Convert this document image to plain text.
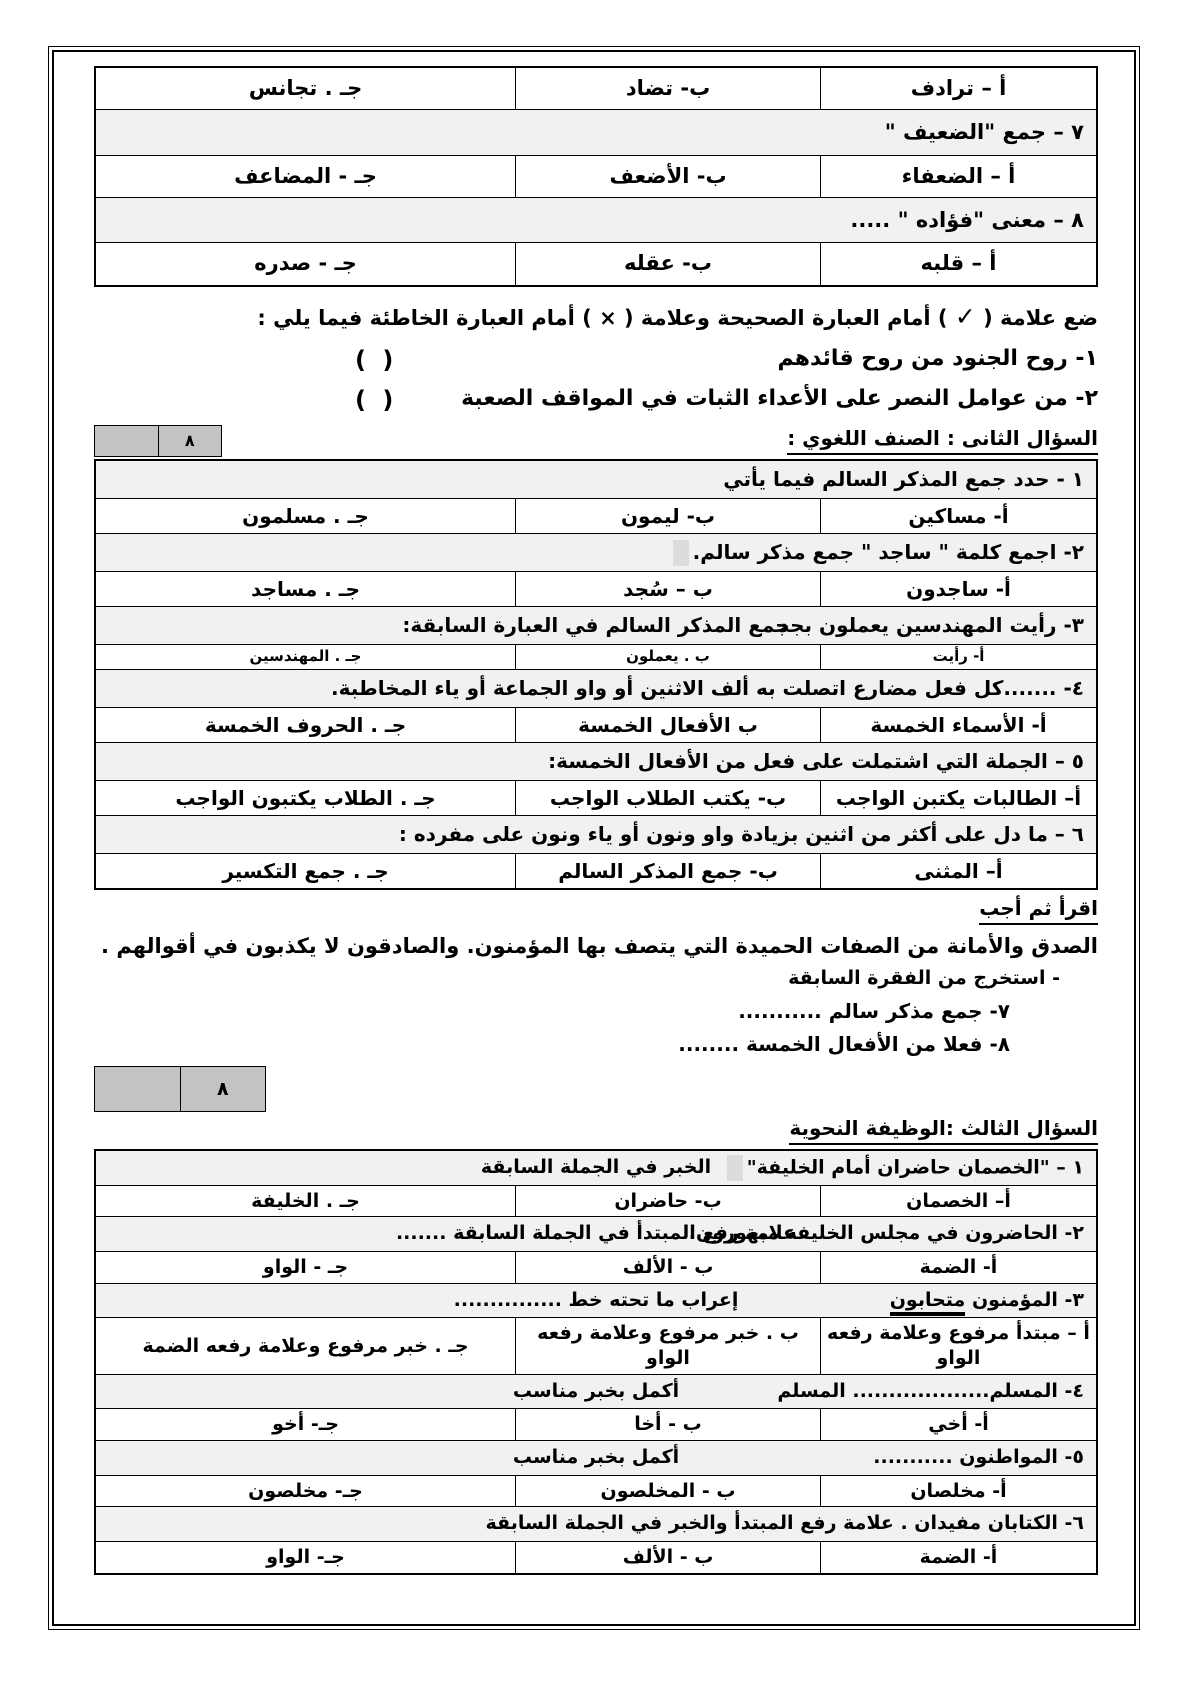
أ – ترادف
ب- تضاد
جـ . تجانس
٧ – جمع "الضعيف "
أ – الضعفاء
ب- الأضعف
جـ - المضاعف
٨ – معنى "فؤاده " .....
أ – قلبه
ب- عقله
جـ - صدره
ضع علامة ( ✓ ) أمام العبارة الصحيحة وعلامة ( × ) أمام العبارة الخاطئة فيما يلي :
١- روح الجنود من روح قائدهم
( )
٢- من عوامل النصر على الأعداء الثبات في المواقف الصعبة
( )
السؤال الثانى : الصنف اللغوي :
٨
١ - حدد جمع المذكر السالم فيما يأتي
أ- مساكين
ب- ليمون
جـ . مسلمون
٢- اجمع كلمة " ساجد " جمع مذكر سالم.
أ- ساجدون
ب – سُجد
جـ . مساجد
٣- رأيت المهندسين يعملون بجد
جمع المذكر السالم في العبارة السابقة:
أ- رأيت
ب . يعملون
جـ . المهندسين
٤- .......كل فعل مضارع اتصلت به ألف الاثنين أو واو الجماعة أو ياء المخاطبة.
أ- الأسماء الخمسة
ب الأفعال الخمسة
جـ . الحروف الخمسة
٥ – الجملة التي اشتملت على فعل من الأفعال الخمسة:
أ– الطالبات يكتبن الواجب
ب- يكتب الطلاب الواجب
جـ . الطلاب يكتبون الواجب
٦ – ما دل على أكثر من اثنين بزيادة واو ونون أو ياء ونون على مفرده :
أ– المثنى
ب- جمع المذكر السالم
جـ . جمع التكسير
اقرأ ثم أجب
الصدق والأمانة من الصفات الحميدة التي يتصف بها المؤمنون. والصادقون لا يكذبون في أقوالهم .
- استخرج من الفقرة السابقة
٧- جمع مذكر سالم ...........
٨- فعلا من الأفعال الخمسة ........
٨
السؤال الثالث :الوظيفة النحوية
١ – "الخصمان حاضران أمام الخليفة"
الخبر في الجملة السابقة
أ– الخصمان
ب- حاضران
جـ . الخليفة
٢- الحاضرون في مجلس الخليفة مبهورون.
علامة رفع المبتدأ في الجملة السابقة .......
أ- الضمة
ب - الألف
جـ - الواو
٣- المؤمنون متحابون
إعراب ما تحته خط ...............
أ – مبتدأ مرفوع وعلامة رفعه الواو
ب . خبر مرفوع وعلامة رفعه الواو
جـ . خبر مرفوع وعلامة رفعه الضمة
٤- المسلم................... المسلم
أكمل بخبر مناسب
أ- أخي
ب - أخا
جـ- أخو
٥- المواطنون ...........
أكمل بخبر مناسب
أ- مخلصان
ب - المخلصون
جـ- مخلصون
٦- الكتابان مفيدان . علامة رفع المبتدأ والخبر في الجملة السابقة
أ- الضمة
ب - الألف
جـ- الواو
